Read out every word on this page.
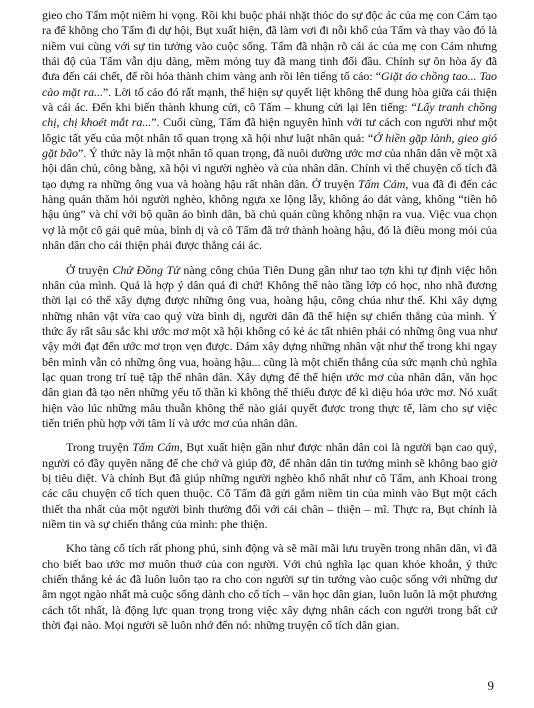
gieo cho Tấm một niềm hi vọng. Rồi khi buộc phải nhặt thóc do sự độc ác của mẹ con Cám tạo ra để không cho Tấm đi dự hội, Bụt xuất hiện, đã làm vơi đi nỗi khổ của Tấm và thay vào đó là niềm vui cùng với sự tin tưởng vào cuộc sống. Tấm đã nhận rõ cái ác của mẹ con Cám nhưng thái độ của Tấm vẫn dịu dàng, mềm mỏng tuy đã mang tinh đối đầu. Chính sự ôn hòa ấy đã đưa đến cái chết, để rồi hóa thành chim vàng anh rồi lên tiếng tố cáo: “Giặt áo chồng tao... Tao cào mặt ra...”. Lời tố cáo đó rất mạnh, thể hiện sự quyết liệt không thể dung hòa giữa cái thiện và cái ác. Đến khi biến thành khung cửi, cô Tấm – khung cửi lại lên tiếng: “Lấy tranh chồng chị, chị khoét mắt ra...”. Cuối cùng, Tấm đã hiện nguyên hình với tư cách con người như một lôgic tất yếu của một nhân tố quan trọng xã hội như luật nhân quả: “Ở hiền gặp lành, gieo gió gặt bão”. Ý thức này là một nhân tố quan trọng, đã nuôi dưỡng ước mơ của nhân dân về một xã hội dân chủ, công bằng, xã hội vì người nghèo và của nhân dân. Chính vì thế chuyện cổ tích đã tạo dựng ra những ông vua và hoàng hậu rất nhân dân. Ở truyện Tấm Cám, vua đã đi đến các hàng quán thăm hỏi người nghèo, không ngựa xe lộng lẫy, không áo dát vàng, không “tiền hô hậu ủng” và chỉ với bộ quần áo bình dân, bà chủ quán cũng không nhận ra vua. Việc vua chọn vợ là một cô gái quê mùa, bình dị và cô Tấm đã trở thành hoàng hậu, đó là điều mong mỏi của nhân dân cho cái thiện phải được thắng cái ác.

Ở truyện Chử Đồng Tử nàng công chúa Tiên Dung gần như tao tợn khi tự định việc hôn nhân của mình. Quả là hợp ý dân quá đi chứ! Không thể nào tầng lớp có học, nho nhã đương thời lại có thể xây dựng được những ông vua, hoàng hậu, công chúa như thế. Khi xây dựng những nhân vật vừa cao quý vừa bình dị, người dân đã thể hiện sự chiến thắng của mình. Ý thức ấy rất sâu sắc khi ước mơ một xã hội không có kẻ ác tất nhiên phải có những ông vua như vậy mới đạt đến ước mơ trọn vẹn được. Dám xây dựng những nhân vật như thế trong khi ngay bên mình vẫn có những ông vua, hoàng hậu... cũng là một chiến thắng của sức mạnh chủ nghĩa lạc quan trong trí tuệ tập thể nhân dân. Xây dựng để thể hiện ước mơ của nhân dân, văn học dân gian đã tạo nên những yếu tố thần kì không thể thiếu được để kì diệu hóa ước mơ. Nó xuất hiện vào lúc những mâu thuẫn không thể nào giải quyết được trong thực tế, làm cho sự việc tiến triển phù hợp với tâm lí và ước mơ của nhân dân.

Trong truyện Tấm Cám, Bụt xuất hiện gần như được nhân dân coi là người bạn cao quý, người có đầy quyền năng để che chở và giúp đỡ, để nhân dân tin tưởng mình sẽ không bao giờ bị tiêu diệt. Và chính Bụt đã giúp những người nghèo khổ nhất như cô Tấm, anh Khoai trong các câu chuyện cổ tích quen thuộc. Cô Tấm đã gửi gắm niềm tin của mình vào Bụt một cách thiết tha nhất của một người bình thường đối với cái chân – thiện – mĩ. Thực ra, Bụt chính là niềm tin và sự chiến thắng của mình: phe thiện.

Kho tàng cổ tích rất phong phú, sinh động và sẽ mãi mãi lưu truyền trong nhân dân, vì đã cho biết bao ước mơ muôn thuở của con người. Với chủ nghĩa lạc quan khỏe khoắn, ý thức chiến thắng kẻ ác đã luôn luôn tạo ra cho con người sự tin tưởng vào cuộc sống với những dư âm ngọt ngào nhất mà cuộc sống dành cho cổ tích – văn học dân gian, luôn luôn là một phương cách tốt nhất, là động lực quan trọng trong việc xây dựng nhân cách con người trong bất cứ thời đại nào. Mọi người sẽ luôn nhớ đến nó: những truyện cổ tích dân gian.

9
